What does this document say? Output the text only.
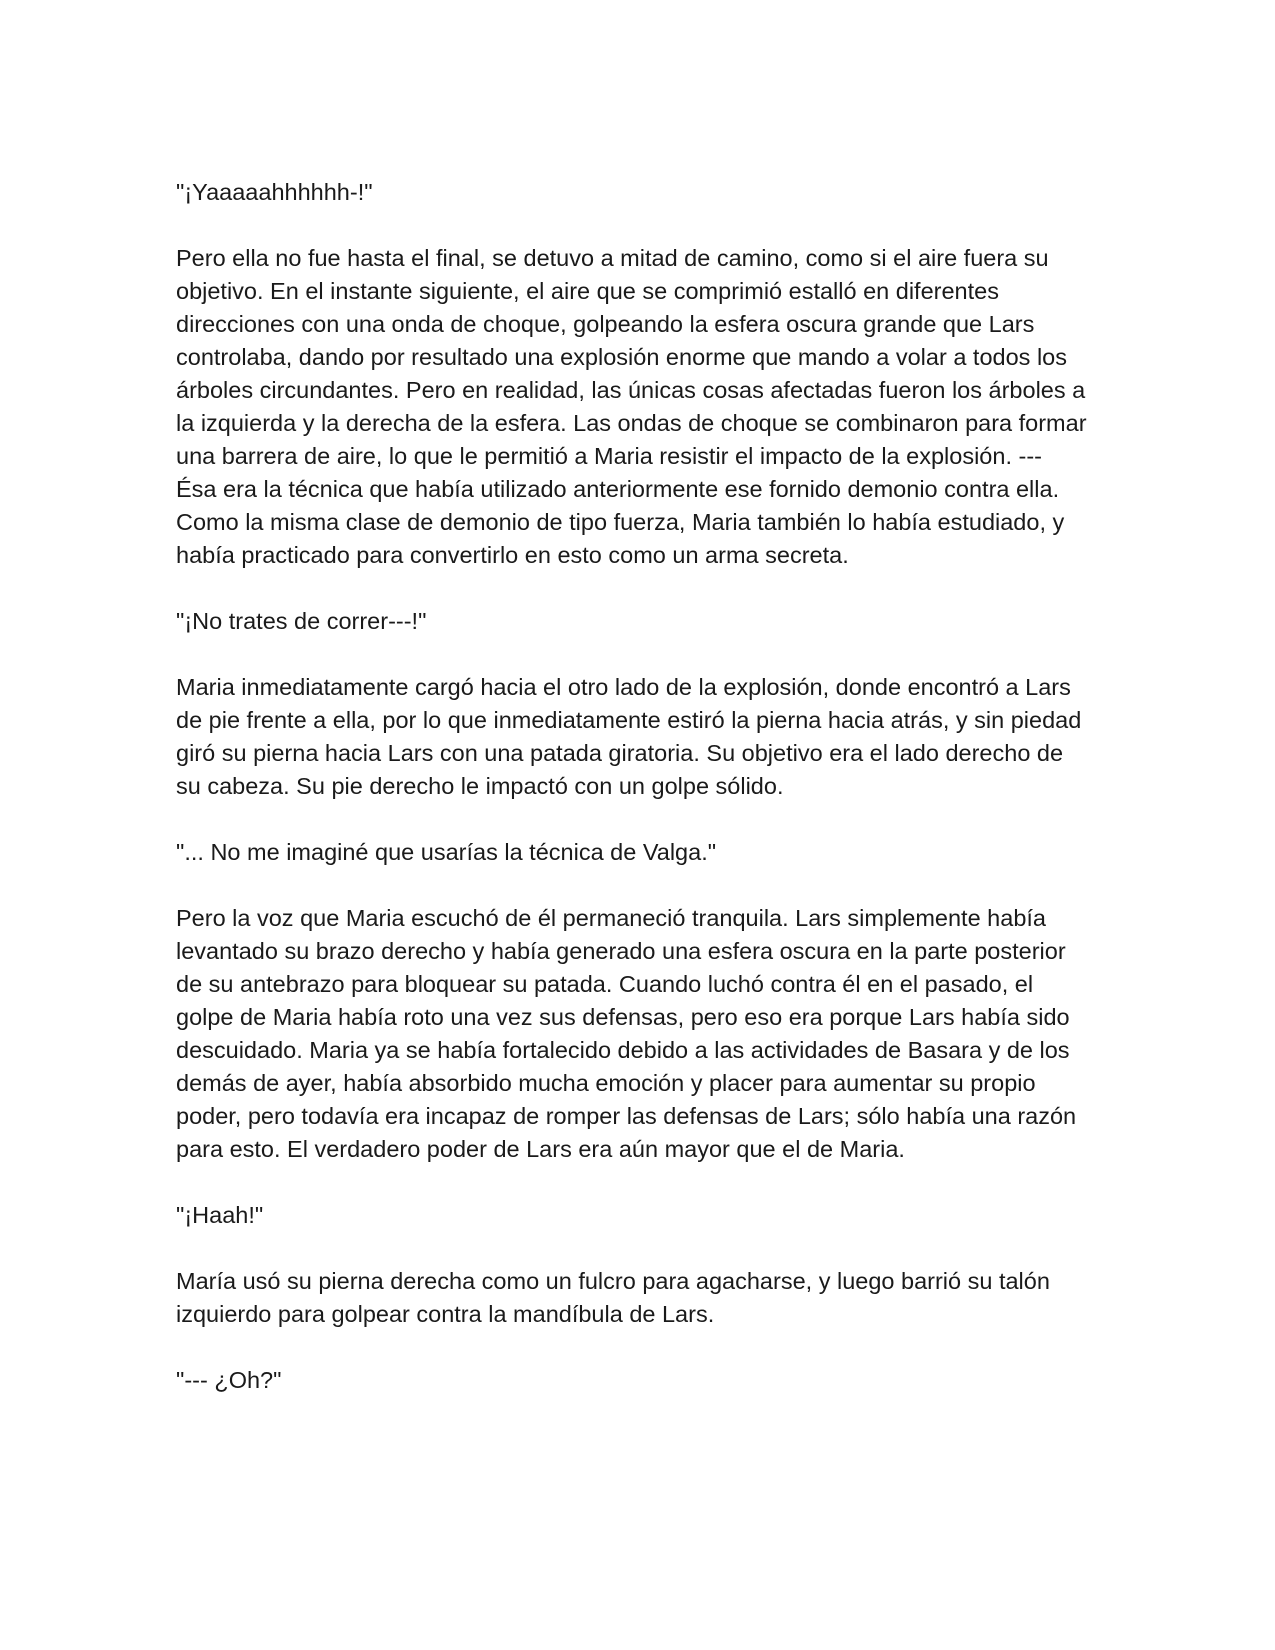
"¡Yaaaaahhhhhh-!"

Pero ella no fue hasta el final, se detuvo a mitad de camino, como si el aire fuera su objetivo. En el instante siguiente, el aire que se comprimió estalló en diferentes direcciones con una onda de choque, golpeando la esfera oscura grande que Lars controlaba, dando por resultado una explosión enorme que mando a volar a todos los árboles circundantes. Pero en realidad, las únicas cosas afectadas fueron los árboles a la izquierda y la derecha de la esfera. Las ondas de choque se combinaron para formar una barrera de aire, lo que le permitió a Maria resistir el impacto de la explosión. --- Ésa era la técnica que había utilizado anteriormente ese fornido demonio contra ella. Como la misma clase de demonio de tipo fuerza, Maria también lo había estudiado, y había practicado para convertirlo en esto como un arma secreta.

"¡No trates de correr---!"

Maria inmediatamente cargó hacia el otro lado de la explosión, donde encontró a Lars de pie frente a ella, por lo que inmediatamente estiró la pierna hacia atrás, y sin piedad giró su pierna hacia Lars con una patada giratoria. Su objetivo era el lado derecho de su cabeza. Su pie derecho le impactó con un golpe sólido.

"... No me imaginé que usarías la técnica de Valga."

Pero la voz que Maria escuchó de él permaneció tranquila. Lars simplemente había levantado su brazo derecho y había generado una esfera oscura en la parte posterior de su antebrazo para bloquear su patada. Cuando luchó contra él en el pasado, el golpe de Maria había roto una vez sus defensas, pero eso era porque Lars había sido descuidado. Maria ya se había fortalecido debido a las actividades de Basara y de los demás de ayer, había absorbido mucha emoción y placer para aumentar su propio poder, pero todavía era incapaz de romper las defensas de Lars; sólo había una razón para esto. El verdadero poder de Lars era aún mayor que el de Maria.

"¡Haah!"

María usó su pierna derecha como un fulcro para agacharse, y luego barrió su talón izquierdo para golpear contra la mandíbula de Lars.

"--- ¿Oh?"
